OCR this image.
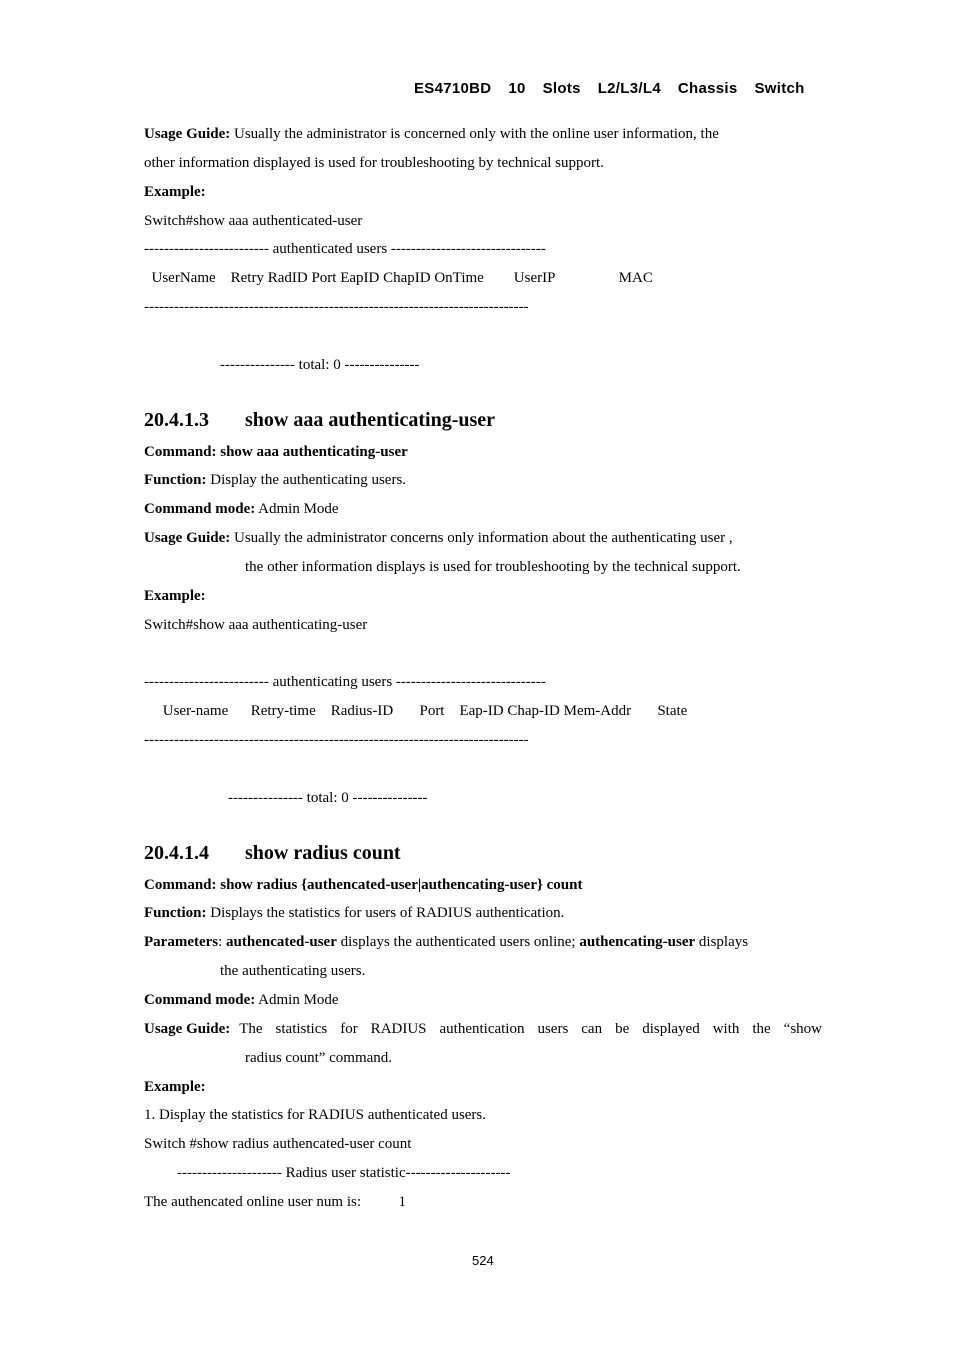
ES4710BD  10  Slots  L2/L3/L4  Chassis  Switch
Usage Guide: Usually the administrator is concerned only with the online user information, the
other information displayed is used for troubleshooting by technical support.
Example:
Switch#show aaa authenticated-user
------------------------- authenticated users -------------------------------
UserName    Retry RadID Port EapID ChapID OnTime        UserIP                 MAC
-----------------------------------------------------------------------------
--------------- total: 0 ---------------
20.4.1.3 show aaa authenticating-user
Command: show aaa authenticating-user
Function: Display the authenticating users.
Command mode: Admin Mode
Usage Guide: Usually the administrator concerns only information about the authenticating user ,
the other information displays is used for troubleshooting by the technical support.
Example:
Switch#show aaa authenticating-user
------------------------- authenticating users ------------------------------
User-name      Retry-time    Radius-ID       Port    Eap-ID Chap-ID Mem-Addr       State
-----------------------------------------------------------------------------
--------------- total: 0 ---------------
20.4.1.4 show radius count
Command: show radius {authencated-user|authencating-user} count
Function: Displays the statistics for users of RADIUS authentication.
Parameters: authencated-user displays the authenticated users online; authencating-user displays
the authenticating users.
Command mode: Admin Mode
Usage Guide: The statistics for RADIUS authentication users can be displayed with the “show
radius count” command.
Example:
1. Display the statistics for RADIUS authenticated users.
Switch #show radius authencated-user count
--------------------- Radius user statistic---------------------
The authencated online user num is:          1
524
